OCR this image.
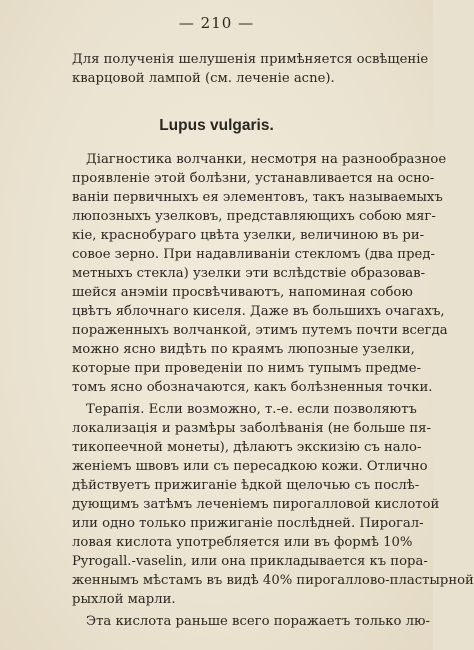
— 210 —
Для полученія шелушенія примѣняется освѣщеніе
кварцовой лампой (см. леченіе acne).
Lupus vulgaris.
Діагностика волчанки, несмотря на разнообразное
проявленіе этой болѣзни, устанавливается на осно-
ваніи первичныхъ ея элементовъ, такъ называемыхъ
люпозныхъ узелковъ, представляющихъ собою мяг-
кіе, краснобураго цвѣта узелки, величиною въ ри-
совое зерно. При надавливаніи стекломъ (два пред-
метныхъ стекла) узелки эти вслѣдствіе образовав-
шейся анэміи просвѣчиваютъ, напоминая собою
цвѣтъ яблочнаго киселя. Даже въ большихъ очагахъ,
пораженныхъ волчанкой, этимъ путемъ почти всегда
можно ясно видѣть по краямъ люпозные узелки,
которые при проведеніи по нимъ тупымъ предме-
томъ ясно обозначаются, какъ болѣзненныя точки.
Терапія. Если возможно, т.-е. если позволяютъ
локализація и размѣры заболѣванія (не больше пя-
тикопеечной монеты), дѣлаютъ экскизію съ нало-
женіемъ швовъ или съ пересадкою кожи. Отлично
дѣйствуетъ прижиганіе ѣдкой щелочью съ послѣ-
дующимъ затѣмъ леченіемъ пирогалловой кислотой
или одно только прижиганіе послѣдней. Пирогал-
ловая кислота употребляется или въ формѣ 10%
Pyrogall.-vaselin, или она прикладывается къ пора-
женнымъ мѣстамъ въ видѣ 40% пирогаллово-пластырной
рыхлой марли.
Эта кислота раньше всего поражаетъ только лю-
